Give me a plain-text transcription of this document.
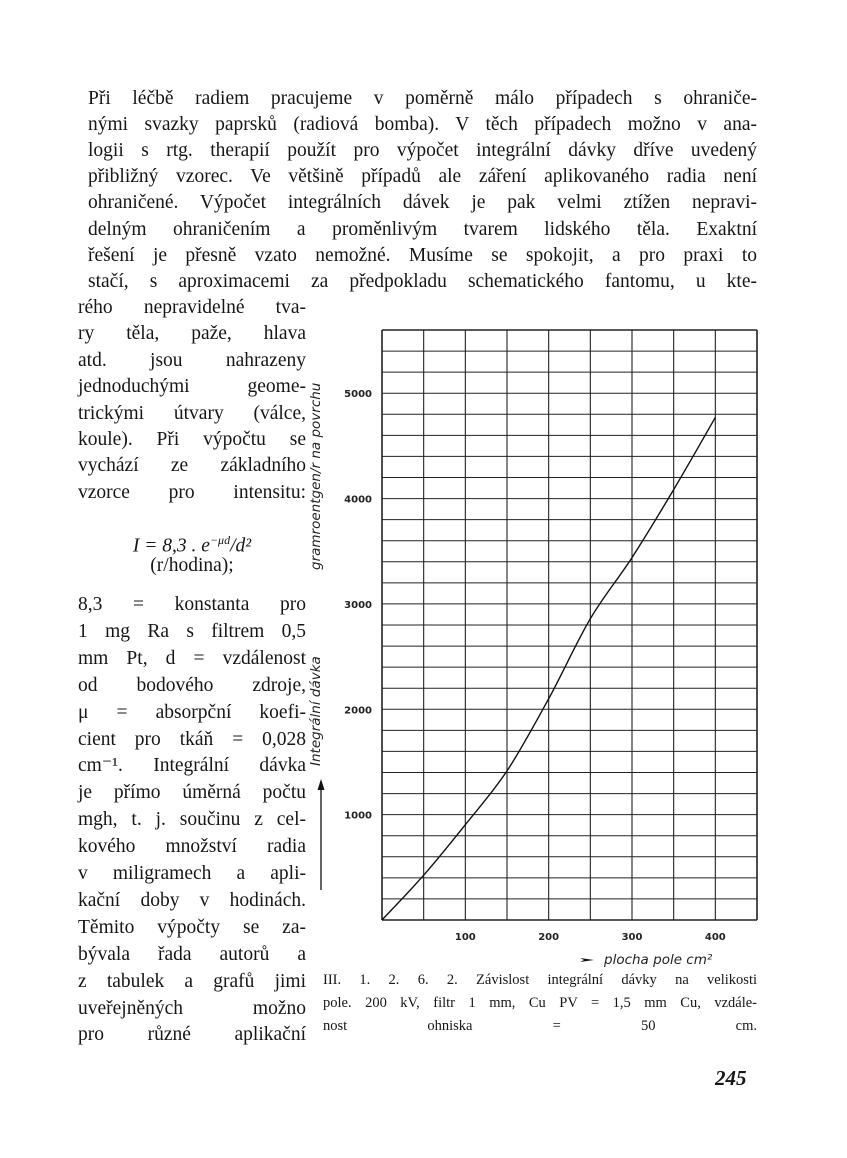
Při léčbě radiem pracujeme v poměrně málo případech s ohraniče-
nými svazky paprsků (radiová bomba). V těch případech možno v ana-
logii s rtg. therapií použít pro výpočet integrální dávky dříve uvedený
přibližný vzorec. Ve většině případů ale záření aplikovaného radia není
ohraničené. Výpočet integrálních dávek je pak velmi ztížen nepravi-
delným ohraničením a proměnlivým tvarem lidského těla. Exaktní
řešení je přesně vzato nemožné. Musíme se spokojit, a pro praxi to
stačí, s aproximacemi za předpokladu schematického fantomu, u kte-
rého nepravidelné tva-
ry těla, paže, hlava
atd. jsou nahrazeny
jednoduchými geome-
trickými útvary (válce,
koule). Při výpočtu se
vychází ze základního
vzorce pro intensitu:
I = 8,3 . $e^{-\mu d}/d^2$
(r/hodina);
8,3 = konstanta pro
1 mg Ra s filtrem 0,5
mm Pt, d = vzdálenost
od bodového zdroje,
μ = absorpční koefi-
cient pro tkáň = 0,028
cm⁻¹. Integrální dávka
je přímo úměrná počtu
mgh, t. j. součinu z cel-
kového množství radia
v miligramech a apli-
kační doby v hodinách.
Těmito výpočty se za-
bývala řada autorů a
z tabulek a grafů jimi
uveřejněných možno
pro různé aplikační
100	200	300	400
1000
2000
3000
4000
5000
gramroentgen/r na povrchu
Integrální dávka
plocha pole cm²
III. 1. 2. 6. 2. Závislost integrální dávky na velikosti
pole. 200 kV, filtr 1 mm, Cu PV = 1,5 mm Cu, vzdále-
nost ohniska = 50 cm.
245
